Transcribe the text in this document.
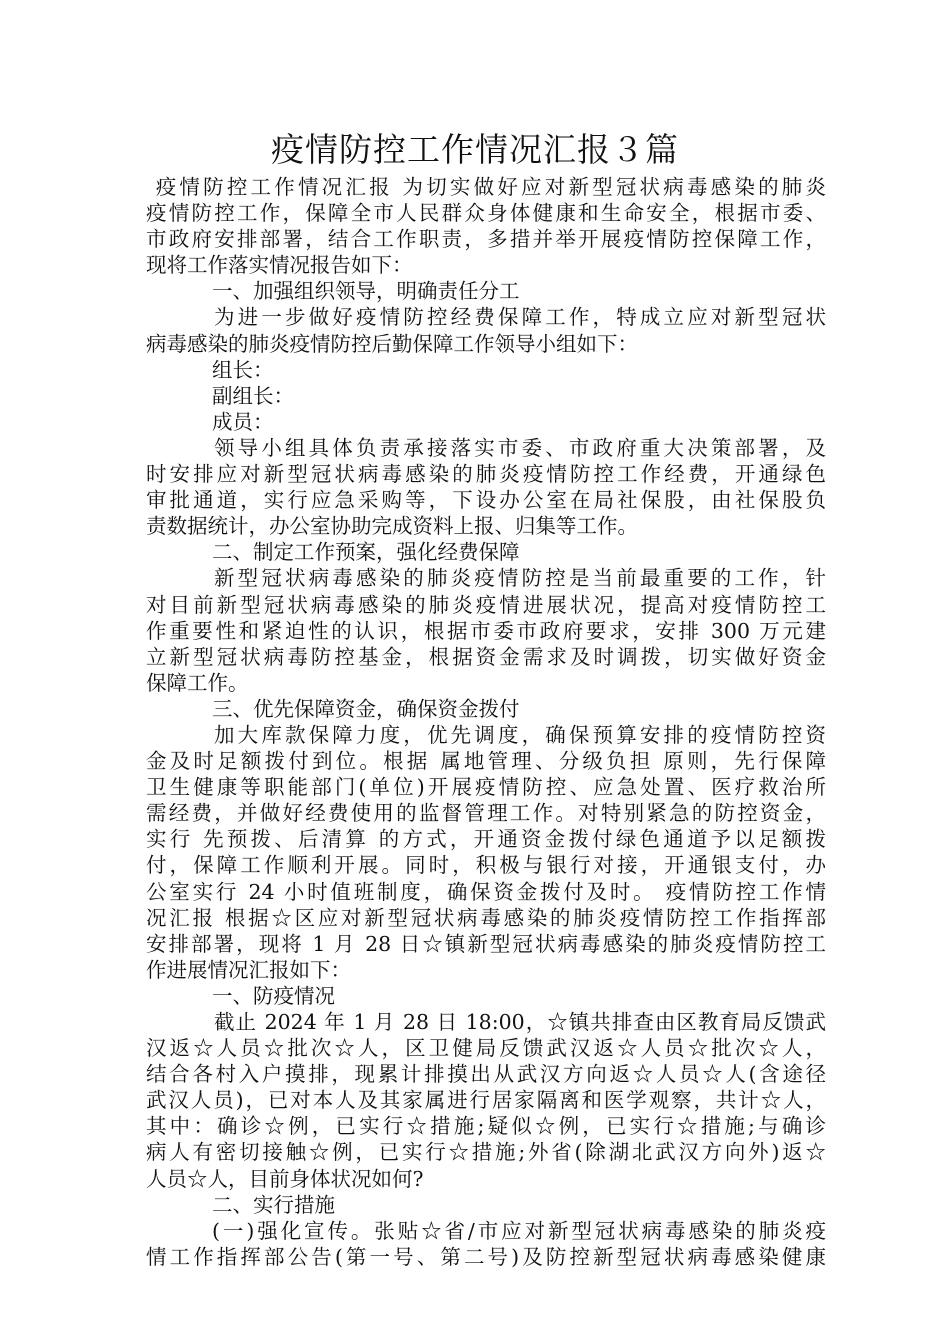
疫情防控工作情况汇报３篇
疫情防控工作情况汇报 为切实做好应对新型冠状病毒感染的肺炎
疫情防控工作，保障全市人民群众身体健康和生命安全，根据市委、
市政府安排部署，结合工作职责，多措并举开展疫情防控保障工作，
现将工作落实情况报告如下：
一、加强组织领导，明确责任分工
为进一步做好疫情防控经费保障工作，特成立应对新型冠状
病毒感染的肺炎疫情防控后勤保障工作领导小组如下：
组长：
副组长：
成员：
领导小组具体负责承接落实市委、市政府重大决策部署，及
时安排应对新型冠状病毒感染的肺炎疫情防控工作经费，开通绿色
审批通道，实行应急采购等，下设办公室在局社保股，由社保股负
责数据统计，办公室协助完成资料上报、归集等工作。
二、制定工作预案，强化经费保障
新型冠状病毒感染的肺炎疫情防控是当前最重要的工作，针
对目前新型冠状病毒感染的肺炎疫情进展状况，提高对疫情防控工
作重要性和紧迫性的认识，根据市委市政府要求，安排 300 万元建
立新型冠状病毒防控基金，根据资金需求及时调拨，切实做好资金
保障工作。
三、优先保障资金，确保资金拨付
加大库款保障力度，优先调度，确保预算安排的疫情防控资
金及时足额拨付到位。根据 属地管理、分级负担 原则，先行保障
卫生健康等职能部门(单位)开展疫情防控、应急处置、医疗救治所
需经费，并做好经费使用的监督管理工作。对特别紧急的防控资金，
实行 先预拨、后清算 的方式，开通资金拨付绿色通道予以足额拨
付，保障工作顺利开展。同时，积极与银行对接，开通银支付，办
公室实行 24 小时值班制度，确保资金拨付及时。 疫情防控工作情
况汇报 根据☆区应对新型冠状病毒感染的肺炎疫情防控工作指挥部
安排部署，现将 1 月 28 日☆镇新型冠状病毒感染的肺炎疫情防控工
作进展情况汇报如下：
一、防疫情况
截止 2024 年 1 月 28 日 18:00，☆镇共排查由区教育局反馈武
汉返☆人员☆批次☆人，区卫健局反馈武汉返☆人员☆批次☆人，
结合各村入户摸排，现累计排摸出从武汉方向返☆人员☆人(含途径
武汉人员)，已对本人及其家属进行居家隔离和医学观察，共计☆人，
其中：确诊☆例，已实行☆措施;疑似☆例，已实行☆措施;与确诊
病人有密切接触☆例，已实行☆措施;外省(除湖北武汉方向外)返☆
人员☆人，目前身体状况如何?
二、实行措施
(一)强化宣传。张贴☆省/市应对新型冠状病毒感染的肺炎疫
情工作指挥部公告(第一号、第二号)及防控新型冠状病毒感染健康
